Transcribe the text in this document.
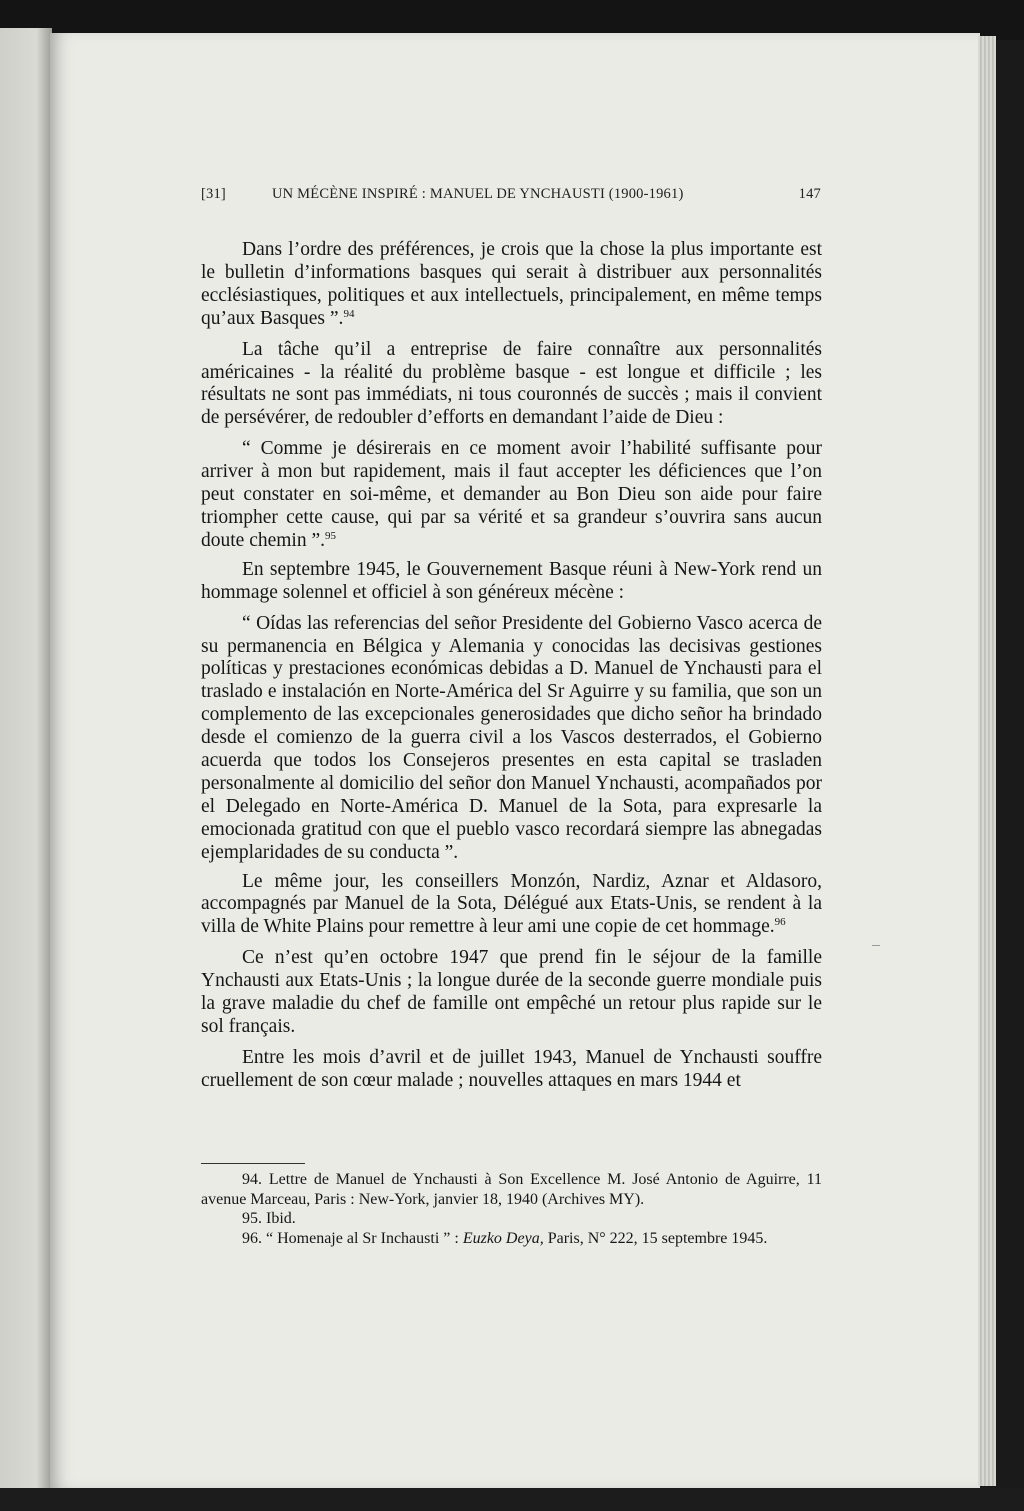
[31]	UN MÉCÈNE INSPIRÉ : MANUEL DE YNCHAUSTI (1900-1961)	147

Dans l’ordre des préférences, je crois que la chose la plus importante est le bulletin d’informations basques qui serait à distribuer aux personnalités ecclésiastiques, politiques et aux intellectuels, principalement, en même temps qu’aux Basques ”.$^{94}$

La tâche qu’il a entreprise de faire connaître aux personnalités américaines - la réalité du problème basque - est longue et difficile ; les résultats ne sont pas immédiats, ni tous couronnés de succès ; mais il convient de persévérer, de redoubler d’efforts en demandant l’aide de Dieu :

“ Comme je désirerais en ce moment avoir l’habilité suffisante pour arriver à mon but rapidement, mais il faut accepter les déficiences que l’on peut constater en soi-même, et demander au Bon Dieu son aide pour faire triompher cette cause, qui par sa vérité et sa grandeur s’ouvrira sans aucun doute chemin ”.$^{95}$

En septembre 1945, le Gouvernement Basque réuni à New-York rend un hommage solennel et officiel à son généreux mécène :

“ Oídas las referencias del señor Presidente del Gobierno Vasco acerca de su permanencia en Bélgica y Alemania y conocidas las decisivas gestiones políticas y prestaciones económicas debidas a D. Manuel de Ynchausti para el traslado e instalación en Norte-América del Sr Aguirre y su familia, que son un complemento de las excepcionales generosidades que dicho señor ha brindado desde el comienzo de la guerra civil a los Vascos desterrados, el Gobierno acuerda que todos los Consejeros presentes en esta capital se trasladen personalmente al domicilio del señor don Manuel Ynchausti, acompañados por el Delegado en Norte-América D. Manuel de la Sota, para expresarle la emocionada gratitud con que el pueblo vasco recordará siempre las abnegadas ejemplaridades de su conducta ”.

Le même jour, les conseillers Monzón, Nardiz, Aznar et Aldasoro, accompagnés par Manuel de la Sota, Délégué aux Etats-Unis, se rendent à la villa de White Plains pour remettre à leur ami une copie de cet hommage.$^{96}$

Ce n’est qu’en octobre 1947 que prend fin le séjour de la famille Ynchausti aux Etats-Unis ; la longue durée de la seconde guerre mondiale puis la grave maladie du chef de famille ont empêché un retour plus rapide sur le sol français.

Entre les mois d’avril et de juillet 1943, Manuel de Ynchausti souffre cruellement de son cœur malade ; nouvelles attaques en mars 1944 et

94. Lettre de Manuel de Ynchausti à Son Excellence M. José Antonio de Aguirre, 11 avenue Marceau, Paris : New-York, janvier 18, 1940 (Archives MY).

95. Ibid.

96. “ Homenaje al Sr Inchausti ” : Euzko Deya, Paris, N° 222, 15 septembre 1945.
